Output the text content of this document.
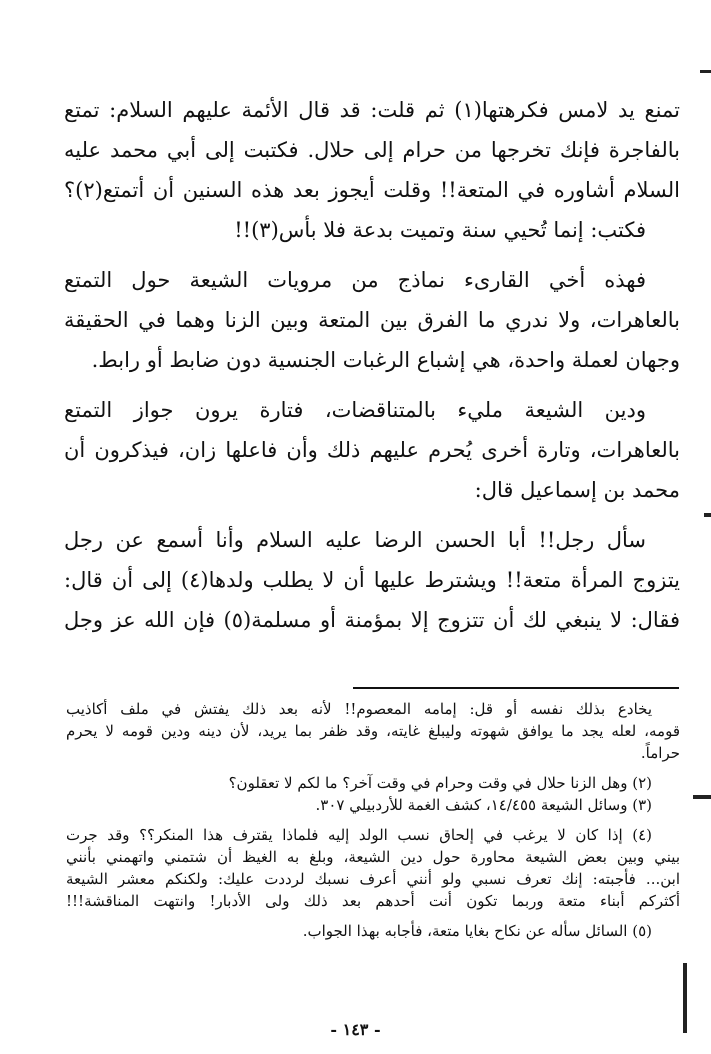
تمنع يد لامس فكرهتها(١) ثم قلت: قد قال الأئمة عليهم السلام: تمتع
بالفاجرة فإنك تخرجها من حرام إلى حلال. فكتبت إلى أبي محمد عليه
السلام أشاوره في المتعة!! وقلت أيجوز بعد هذه السنين أن أتمتع(٢)؟

فكتب: إنما تُحيي سنة وتميت بدعة فلا بأس(٣)!!

فهذه أخي القارىء نماذج من مرويات الشيعة حول التمتع
بالعاهرات، ولا ندري ما الفرق بين المتعة وبين الزنا وهما في الحقيقة
وجهان لعملة واحدة، هي إشباع الرغبات الجنسية دون ضابط أو رابط.

ودين الشيعة مليء بالمتناقضات، فتارة يرون جواز التمتع
بالعاهرات، وتارة أخرى يُحرم عليهم ذلك وأن فاعلها زان، فيذكرون أن
محمد بن إسماعيل قال:

سأل رجل!! أبا الحسن الرضا عليه السلام وأنا أسمع عن رجل
يتزوج المرأة متعة!! ويشترط عليها أن لا يطلب ولدها(٤) إلى أن قال:
فقال: لا ينبغي لك أن تتزوج إلا بمؤمنة أو مسلمة(٥) فإن الله عز وجل

يخادع بذلك نفسه أو قل: إمامه المعصوم!! لأنه بعد ذلك يفتش في ملف أكاذيب
قومه، لعله يجد ما يوافق شهوته وليبلغ غايته، وقد ظفر بما يريد، لأن دينه ودين قومه لا يحرم
حراماً.

(٢) وهل الزنا حلال في وقت وحرام في وقت آخر؟ ما لكم لا تعقلون؟

(٣) وسائل الشيعة ١٤/٤٥٥، كشف الغمة للأردبيلي ٣٠٧.

(٤) إذا كان لا يرغب في إلحاق نسب الولد إليه فلماذا يقترف هذا المنكر؟؟ وقد جرت
بيني وبين بعض الشيعة محاورة حول دين الشيعة، وبلغ به الغيظ أن شتمني واتهمني بأنني
ابن... فأجبته: إنك تعرف نسبي ولو أنني أعرف نسبك لرددت عليك: ولكنكم معشر الشيعة
أكثركم أبناء متعة وربما تكون أنت أحدهم بعد ذلك ولى الأدبار! وانتهت المناقشة!!!

(٥) السائل سأله عن نكاح بغايا متعة، فأجابه بهذا الجواب.

- ١٤٣ -
